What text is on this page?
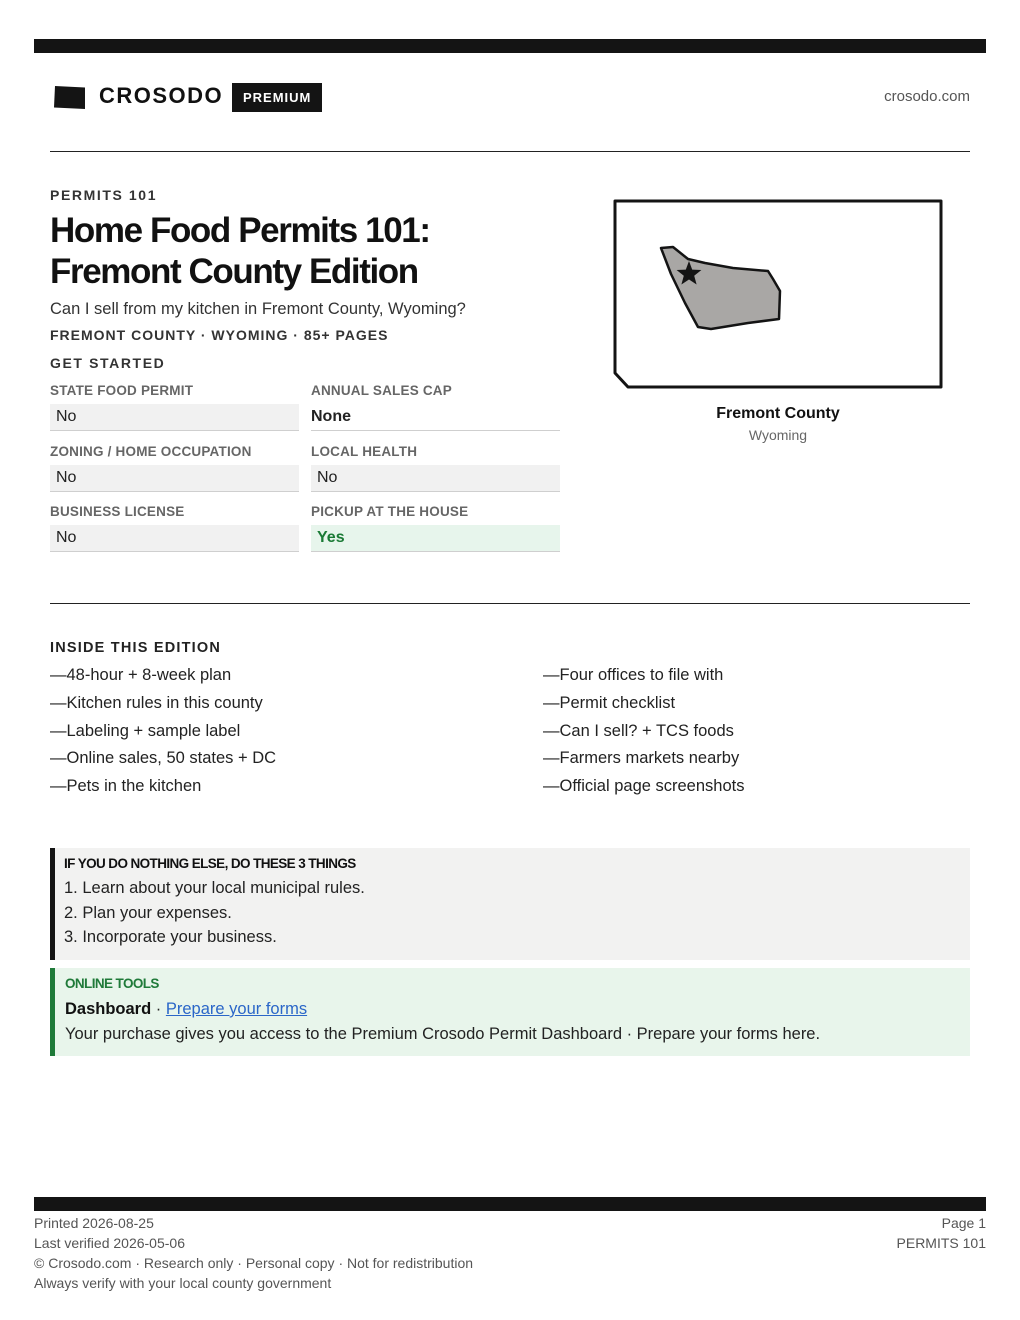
CROSODO	PREMIUM	crosodo.com
PERMITS 101
Home Food Permits 101:
Fremont County Edition
Can I sell from my kitchen in Fremont County, Wyoming?
FREMONT COUNTY · WYOMING · 85+ PAGES
GET STARTED
STATE FOOD PERMIT
No
ANNUAL SALES CAP
None
ZONING / HOME OCCUPATION
No
LOCAL HEALTH
No
BUSINESS LICENSE
No
PICKUP AT THE HOUSE
Yes
Fremont County
Wyoming
INSIDE THIS EDITION
—48-hour + 8-week plan
—Kitchen rules in this county
—Labeling + sample label
—Online sales, 50 states + DC
—Pets in the kitchen
—Four offices to file with
—Permit checklist
—Can I sell? + TCS foods
—Farmers markets nearby
—Official page screenshots
IF YOU DO NOTHING ELSE, DO THESE 3 THINGS
1. Learn about your local municipal rules.
2. Plan your expenses.
3. Incorporate your business.
ONLINE TOOLS
Dashboard · Prepare your forms
Your purchase gives you access to the Premium Crosodo Permit Dashboard · Prepare your forms here.
Printed 2026-08-25
Last verified 2026-05-06
© Crosodo.com · Research only · Personal copy · Not for redistribution
Always verify with your local county government
Page 1
PERMITS 101
